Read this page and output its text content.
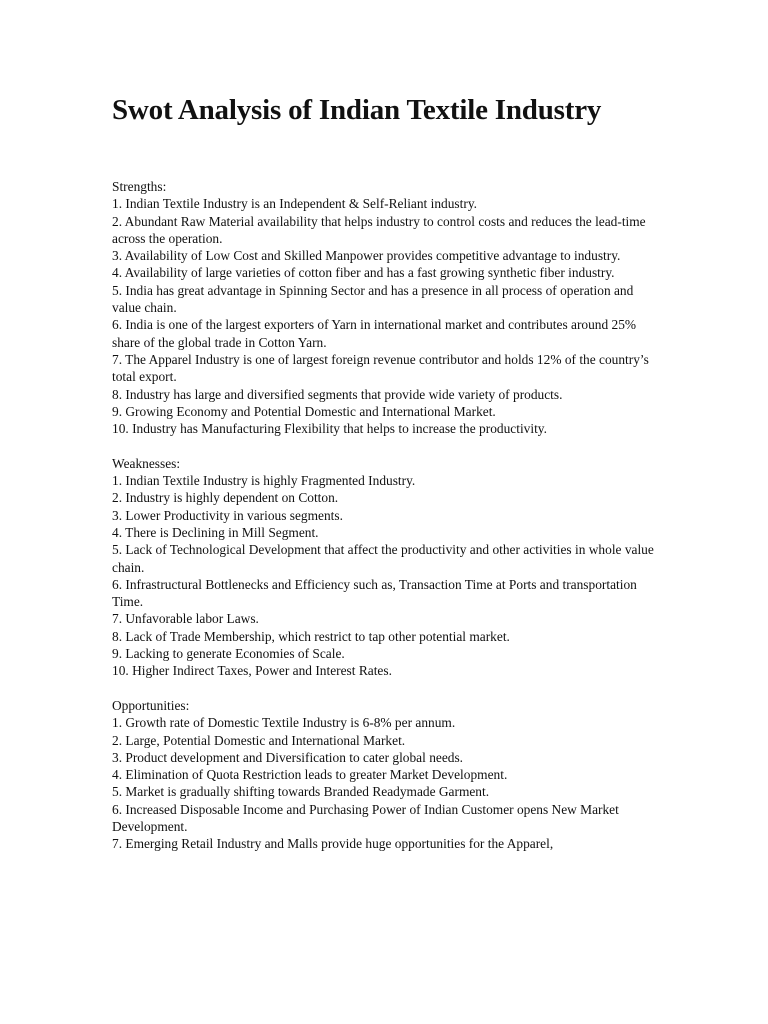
Swot Analysis of Indian Textile Industry
Strengths:
1. Indian Textile Industry is an Independent & Self-Reliant industry.
2. Abundant Raw Material availability that helps industry to control costs and reduces the lead-time across the operation.
3. Availability of Low Cost and Skilled Manpower provides competitive advantage to industry.
4. Availability of large varieties of cotton fiber and has a fast growing synthetic fiber industry.
5. India has great advantage in Spinning Sector and has a presence in all process of operation and value chain.
6. India is one of the largest exporters of Yarn in international market and contributes around 25% share of the global trade in Cotton Yarn.
7. The Apparel Industry is one of largest foreign revenue contributor and holds 12% of the country’s total export.
8. Industry has large and diversified segments that provide wide variety of products.
9. Growing Economy and Potential Domestic and International Market.
10. Industry has Manufacturing Flexibility that helps to increase the productivity.
Weaknesses:
1. Indian Textile Industry is highly Fragmented Industry.
2. Industry is highly dependent on Cotton.
3. Lower Productivity in various segments.
4. There is Declining in Mill Segment.
5. Lack of Technological Development that affect the productivity and other activities in whole value chain.
6. Infrastructural Bottlenecks and Efficiency such as, Transaction Time at Ports and transportation Time.
7. Unfavorable labor Laws.
8. Lack of Trade Membership, which restrict to tap other potential market.
9. Lacking to generate Economies of Scale.
10. Higher Indirect Taxes, Power and Interest Rates.
Opportunities:
1. Growth rate of Domestic Textile Industry is 6-8% per annum.
2. Large, Potential Domestic and International Market.
3. Product development and Diversification to cater global needs.
4. Elimination of Quota Restriction leads to greater Market Development.
5. Market is gradually shifting towards Branded Readymade Garment.
6. Increased Disposable Income and Purchasing Power of Indian Customer opens New Market Development.
7. Emerging Retail Industry and Malls provide huge opportunities for the Apparel,
